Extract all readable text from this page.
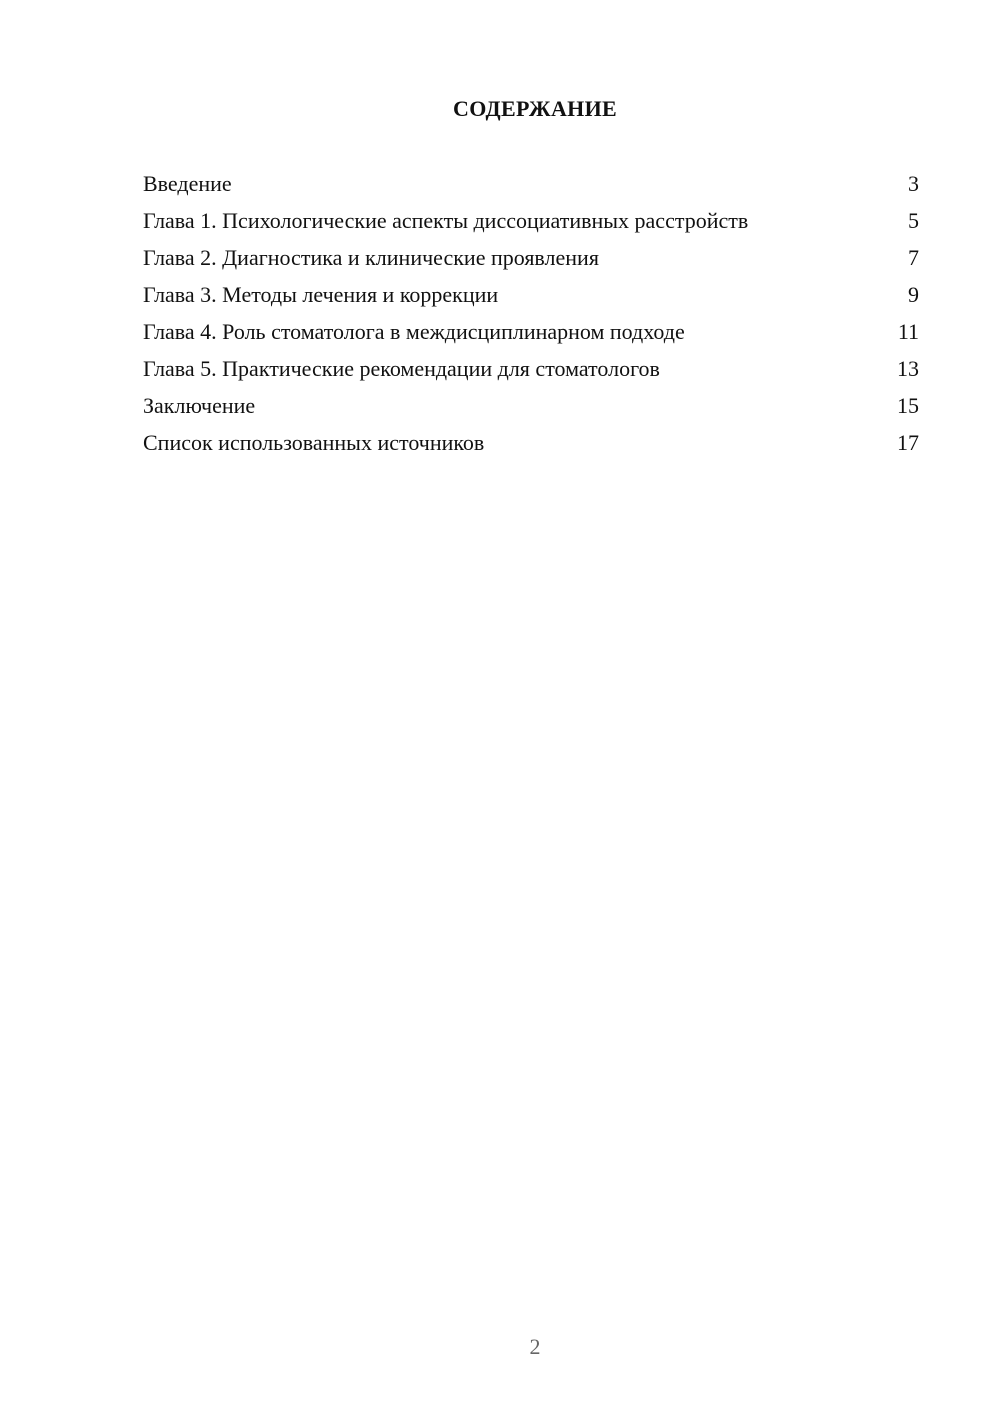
СОДЕРЖАНИЕ
Введение	3
Глава 1. Психологические аспекты диссоциативных расстройств	5
Глава 2. Диагностика и клинические проявления	7
Глава 3. Методы лечения и коррекции	9
Глава 4. Роль стоматолога в междисциплинарном подходе	11
Глава 5. Практические рекомендации для стоматологов	13
Заключение	15
Список использованных источников	17
2
